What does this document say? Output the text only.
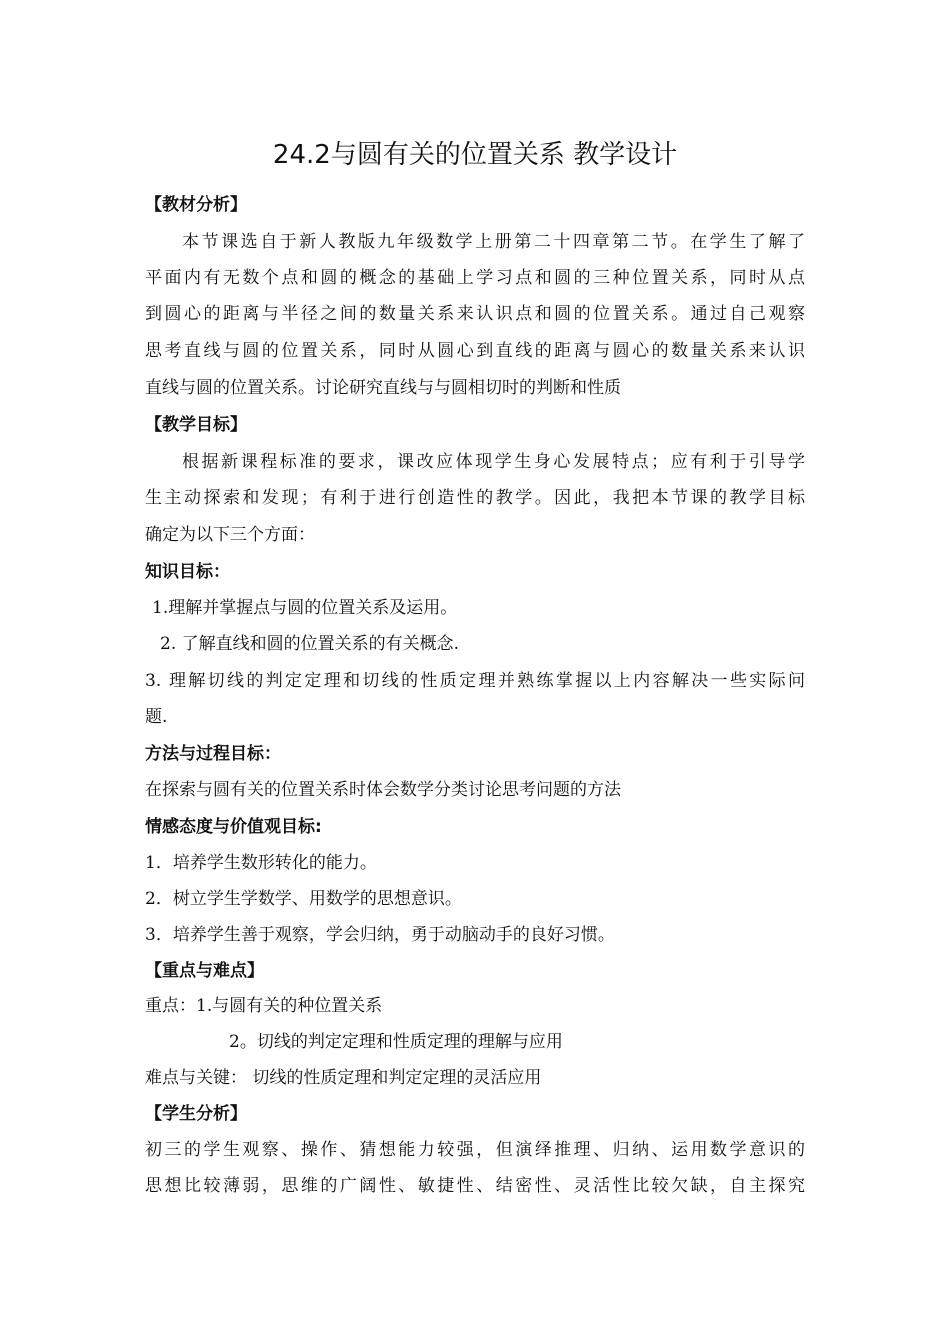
24.2与圆有关的位置关系 教学设计

【教材分析】

本节课选自于新人教版九年级数学上册第二十四章第二节。在学生了解了

平面内有无数个点和圆的概念的基础上学习点和圆的三种位置关系，同时从点

到圆心的距离与半径之间的数量关系来认识点和圆的位置关系。通过自己观察

思考直线与圆的位置关系，同时从圆心到直线的距离与圆心的数量关系来认识

直线与圆的位置关系。讨论研究直线与与圆相切时的判断和性质

【教学目标】

根据新课程标准的要求，课改应体现学生身心发展特点；应有利于引导学

生主动探索和发现；有利于进行创造性的教学。因此，我把本节课的教学目标

确定为以下三个方面：

知识目标：

1.理解并掌握点与圆的位置关系及运用。

2. 了解直线和圆的位置关系的有关概念.

3. 理解切线的判定定理和切线的性质定理并熟练掌握以上内容解决一些实际问

题.

方法与过程目标：

在探索与圆有关的位置关系时体会数学分类讨论思考问题的方法

情感态度与价值观目标:

1．培养学生数形转化的能力。

2．树立学生学数学、用数学的思想意识。

3．培养学生善于观察，学会归纳，勇于动脑动手的良好习惯。

【重点与难点】

重点：1.与圆有关的种位置关系

2。切线的判定定理和性质定理的理解与应用

难点与关键： 切线的性质定理和判定定理的灵活应用

【学生分析】

初三的学生观察、操作、猜想能力较强，但演绎推理、归纳、运用数学意识的

思想比较薄弱，思维的广阔性、敏捷性、结密性、灵活性比较欠缺，自主探究
